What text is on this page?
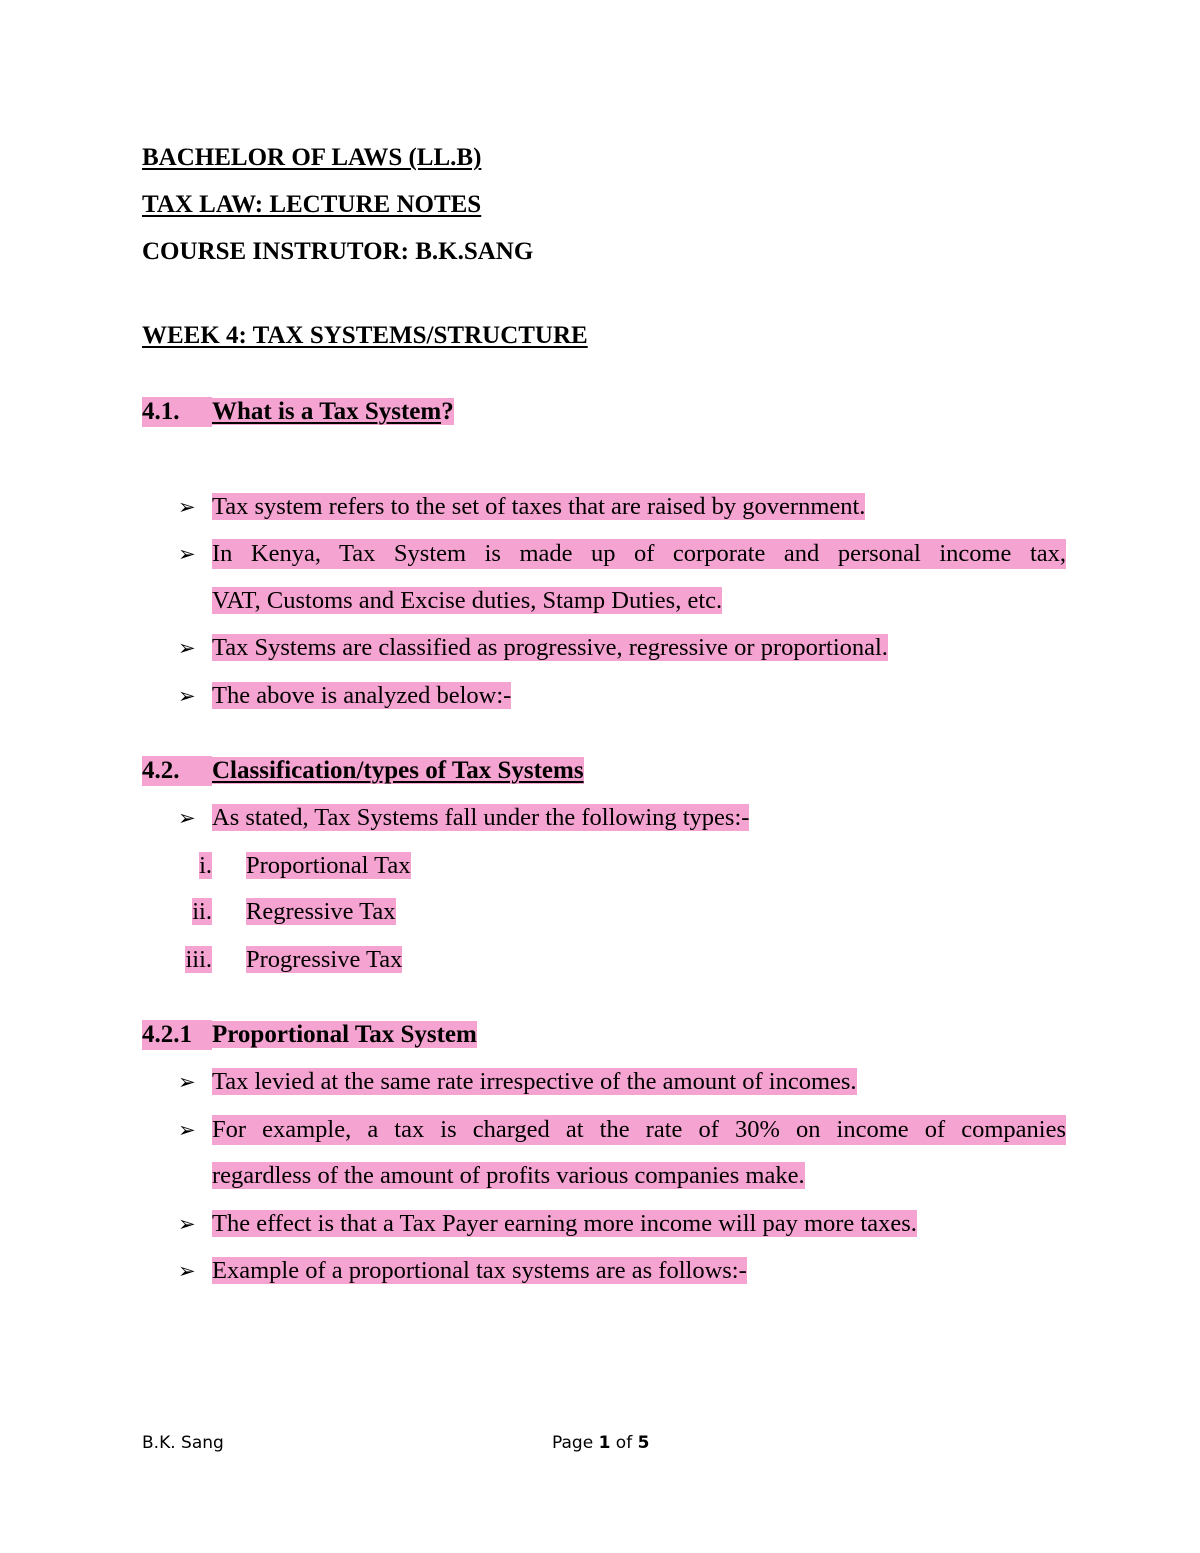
BACHELOR OF LAWS (LL.B)
TAX LAW: LECTURE NOTES
COURSE INSTRUTOR: B.K.SANG
WEEK 4: TAX SYSTEMS/STRUCTURE
4.1. What is a Tax System?
➢ Tax system refers to the set of taxes that are raised by government.
➢ In Kenya, Tax System is made up of corporate and personal income tax,
VAT, Customs and Excise duties, Stamp Duties, etc.
➢ Tax Systems are classified as progressive, regressive or proportional.
➢ The above is analyzed below:-
4.2. Classification/types of Tax Systems
➢ As stated, Tax Systems fall under the following types:-
i. Proportional Tax
ii. Regressive Tax
iii. Progressive Tax
4.2.1 Proportional Tax System
➢ Tax levied at the same rate irrespective of the amount of incomes.
➢ For example, a tax is charged at the rate of 30% on income of companies
regardless of the amount of profits various companies make.
➢ The effect is that a Tax Payer earning more income will pay more taxes.
➢ Example of a proportional tax systems are as follows:-
B.K. Sang	Page 1 of 5
